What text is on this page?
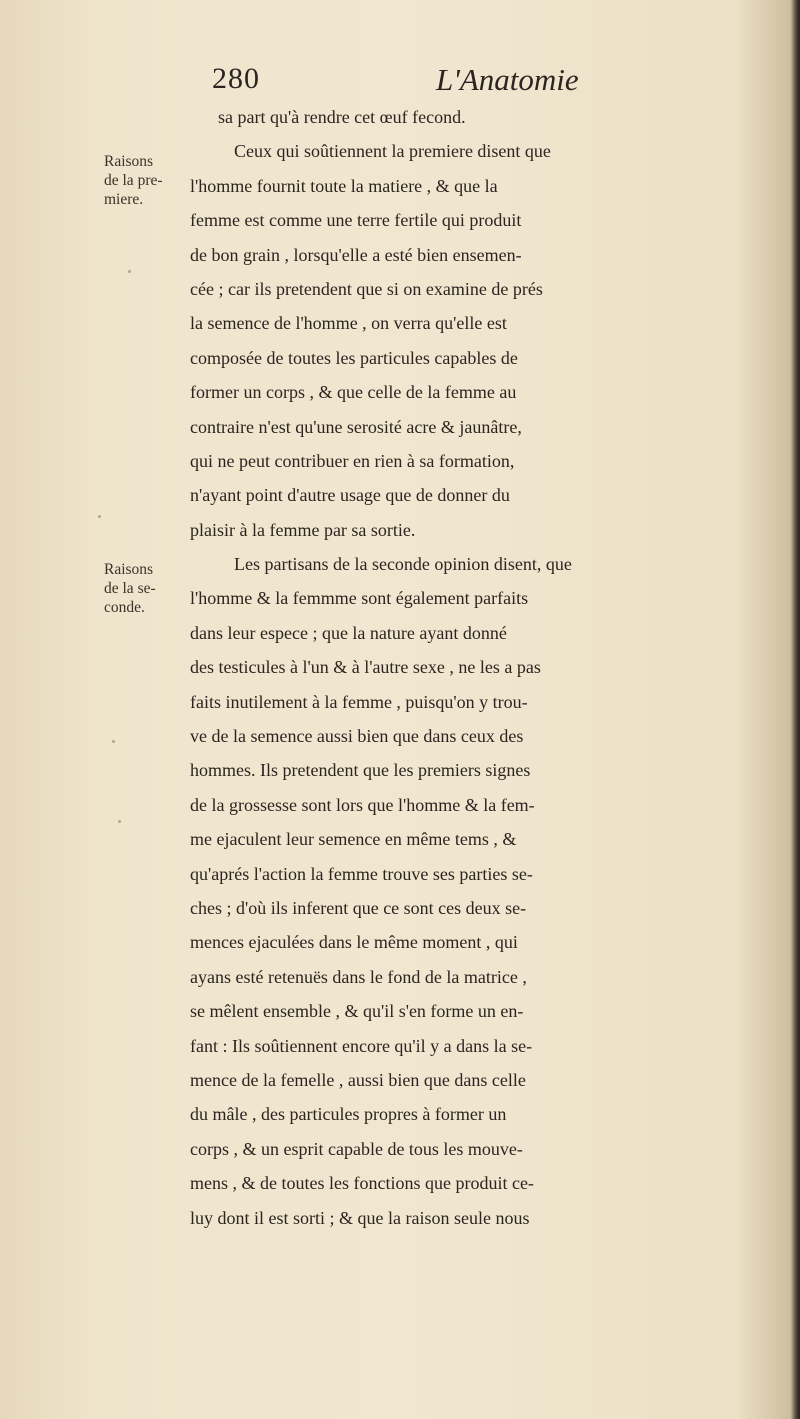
280	L'Anatomie
Raisons
de la pre-
miere.
Raisons
de la se-
conde.
sa part qu'à rendre cet œuf fecond.
Ceux qui soûtiennent la premiere disent que
l'homme fournit toute la matiere , & que la
femme est comme une terre fertile qui produit
de bon grain , lorsqu'elle a esté bien ensemen-
cée ; car ils pretendent que si on examine de prés
la semence de l'homme , on verra qu'elle est
composée de toutes les particules capables de
former un corps , & que celle de la femme au
contraire n'est qu'une serosité acre & jaunâtre,
qui ne peut contribuer en rien à sa formation,
n'ayant point d'autre usage que de donner du
plaisir à la femme par sa sortie.
Les partisans de la seconde opinion disent, que
l'homme & la femmme sont également parfaits
dans leur espece ; que la nature ayant donné
des testicules à l'un & à l'autre sexe , ne les a pas
faits inutilement à la femme , puisqu'on y trou-
ve de la semence aussi bien que dans ceux des
hommes. Ils pretendent que les premiers signes
de la grossesse sont lors que l'homme & la fem-
me ejaculent leur semence en même tems , &
qu'aprés l'action la femme trouve ses parties se-
ches ; d'où ils inferent que ce sont ces deux se-
mences ejaculées dans le même moment , qui
ayans esté retenuës dans le fond de la matrice ,
se mêlent ensemble , & qu'il s'en forme un en-
fant : Ils soûtiennent encore qu'il y a dans la se-
mence de la femelle , aussi bien que dans celle
du mâle , des particules propres à former un
corps , & un esprit capable de tous les mouve-
mens , & de toutes les fonctions que produit ce-
luy dont il est sorti ; & que la raison seule nous
